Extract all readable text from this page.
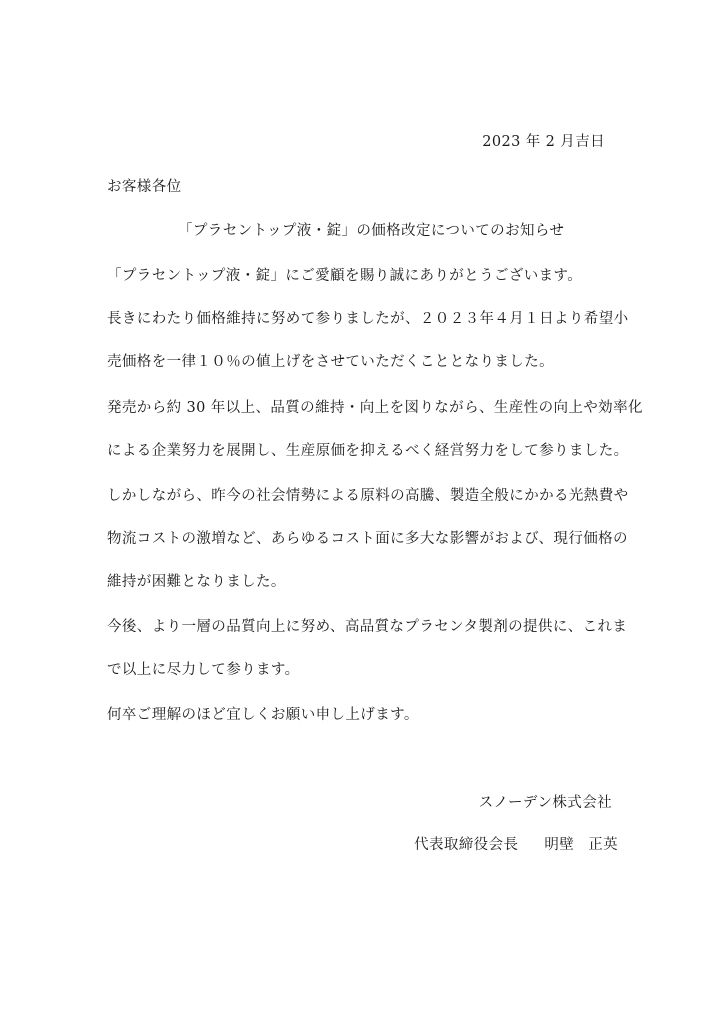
2023 年 2 月吉日
お客様各位
「プラセントップ液・錠」の価格改定についてのお知らせ
「プラセントップ液・錠」にご愛顧を賜り誠にありがとうございます。
長きにわたり価格維持に努めて参りましたが、２０２３年４月１日より希望小
売価格を一律１０％の値上げをさせていただくこととなりました。
発売から約 30 年以上、品質の維持・向上を図りながら、生産性の向上や効率化
による企業努力を展開し、生産原価を抑えるべく経営努力をして参りました。
しかしながら、昨今の社会情勢による原料の高騰、製造全般にかかる光熱費や
物流コストの激増など、あらゆるコスト面に多大な影響がおよび、現行価格の
維持が困難となりました。
今後、より一層の品質向上に努め、高品質なプラセンタ製剤の提供に、これま
で以上に尽力して参ります。
何卒ご理解のほど宜しくお願い申し上げます。
スノーデン株式会社
代表取締役会長 明壁 正英
